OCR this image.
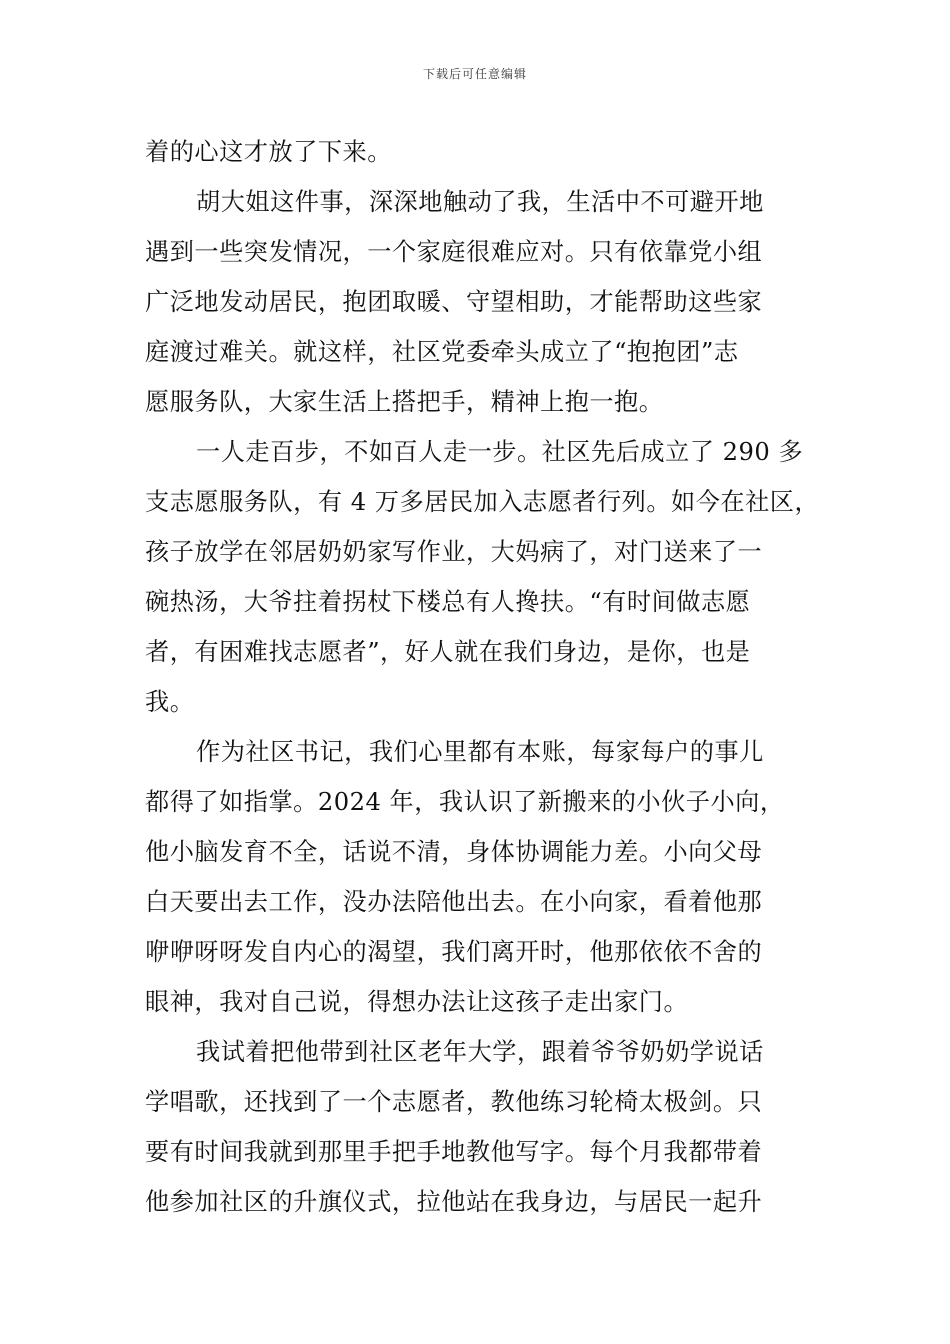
下载后可任意编辑
着的心这才放了下来。
胡大姐这件事，深深地触动了我，生活中不可避开地
遇到一些突发情况，一个家庭很难应对。只有依靠党小组
广泛地发动居民，抱团取暖、守望相助，才能帮助这些家
庭渡过难关。就这样，社区党委牵头成立了“抱抱团”志
愿服务队，大家生活上搭把手，精神上抱一抱。
一人走百步，不如百人走一步。社区先后成立了 290 多
支志愿服务队，有 4 万多居民加入志愿者行列。如今在社区，
孩子放学在邻居奶奶家写作业，大妈病了，对门送来了一
碗热汤，大爷拄着拐杖下楼总有人搀扶。“有时间做志愿
者，有困难找志愿者”，好人就在我们身边，是你，也是
我。
作为社区书记，我们心里都有本账，每家每户的事儿
都得了如指掌。2024 年，我认识了新搬来的小伙子小向，
他小脑发育不全，话说不清，身体协调能力差。小向父母
白天要出去工作，没办法陪他出去。在小向家，看着他那
咿咿呀呀发自内心的渴望，我们离开时，他那依依不舍的
眼神，我对自己说，得想办法让这孩子走出家门。
我试着把他带到社区老年大学，跟着爷爷奶奶学说话
学唱歌，还找到了一个志愿者，教他练习轮椅太极剑。只
要有时间我就到那里手把手地教他写字。每个月我都带着
他参加社区的升旗仪式，拉他站在我身边，与居民一起升
